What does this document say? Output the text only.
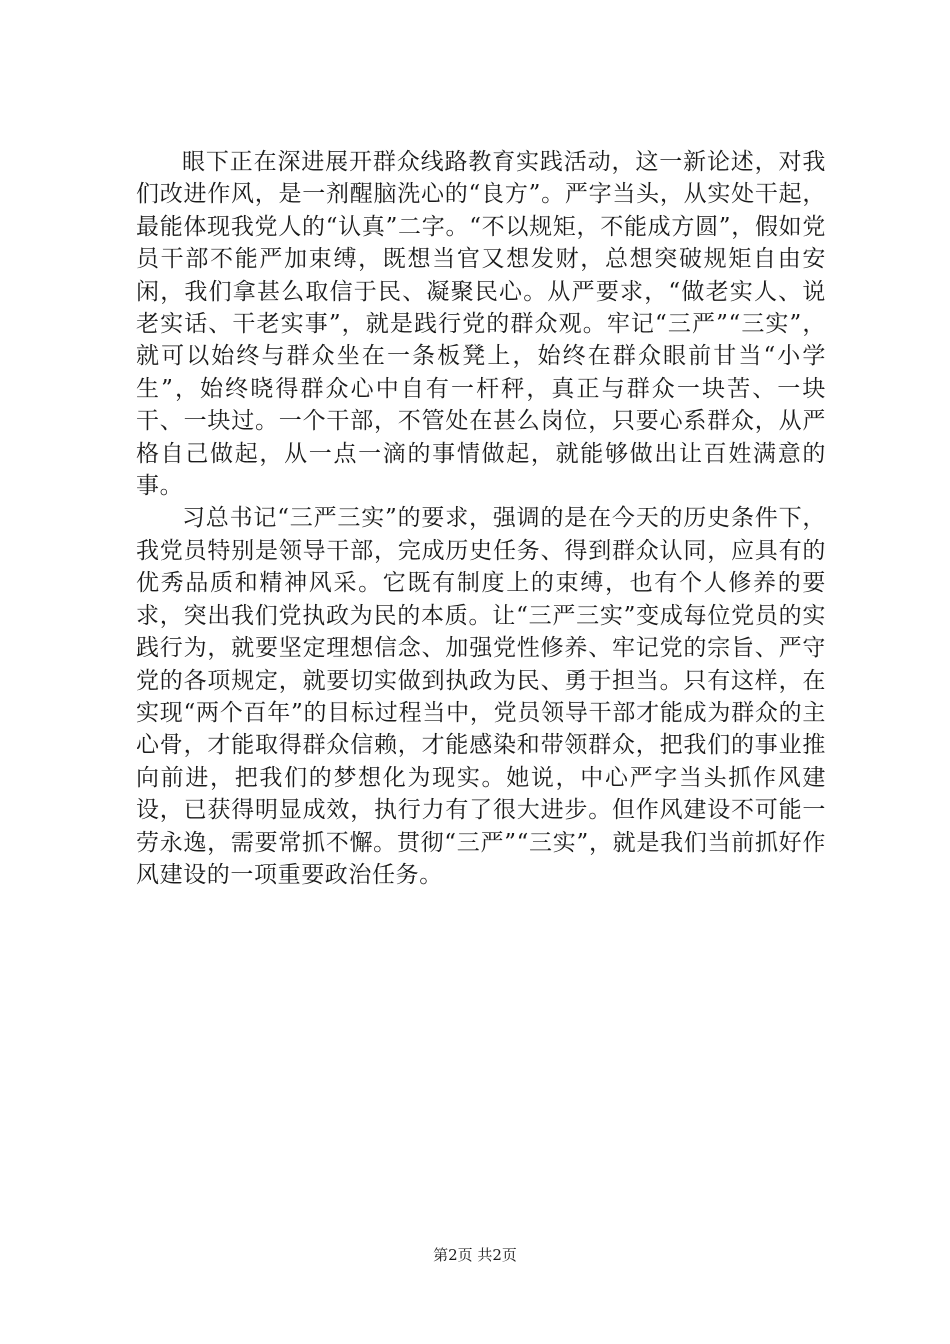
眼下正在深进展开群众线路教育实践活动，这一新论述，对我们改进作风，是一剂醒脑洗心的“良方”。严字当头，从实处干起，最能体现我党人的“认真”二字。“不以规矩，不能成方圆”，假如党员干部不能严加束缚，既想当官又想发财，总想突破规矩自由安闲，我们拿甚么取信于民、凝聚民心。从严要求，“做老实人、说老实话、干老实事”，就是践行党的群众观。牢记“三严”“三实”，就可以始终与群众坐在一条板凳上，始终在群众眼前甘当“小学生”，始终晓得群众心中自有一杆秤，真正与群众一块苦、一块干、一块过。一个干部，不管处在甚么岗位，只要心系群众，从严格自己做起，从一点一滴的事情做起，就能够做出让百姓满意的事。

习总书记“三严三实”的要求，强调的是在今天的历史条件下，我党员特别是领导干部，完成历史任务、得到群众认同，应具有的优秀品质和精神风采。它既有制度上的束缚，也有个人修养的要求，突出我们党执政为民的本质。让“三严三实”变成每位党员的实践行为，就要坚定理想信念、加强党性修养、牢记党的宗旨、严守党的各项规定，就要切实做到执政为民、勇于担当。只有这样，在实现“两个百年”的目标过程当中，党员领导干部才能成为群众的主心骨，才能取得群众信赖，才能感染和带领群众，把我们的事业推向前进，把我们的梦想化为现实。她说，中心严字当头抓作风建设，已获得明显成效，执行力有了很大进步。但作风建设不可能一劳永逸，需要常抓不懈。贯彻“三严”“三实”，就是我们当前抓好作风建设的一项重要政治任务。

第2页 共2页
